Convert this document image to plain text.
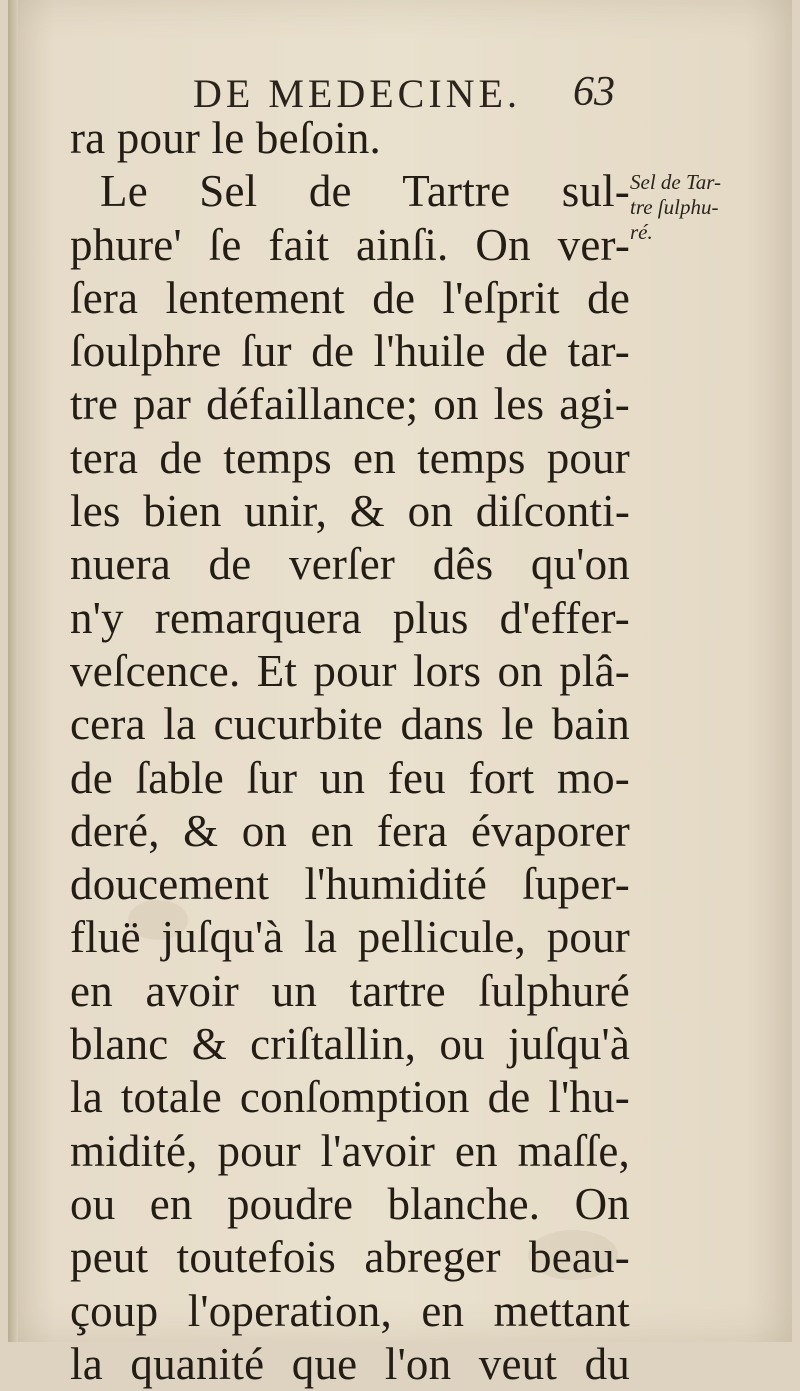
DE MEDECINE. 63
ra pour le beſoin.
Le Sel de Tartre sul-
phure' ſe fait ainſi. On ver-
ſera lentement de l'eſprit de
ſoulphre ſur de l'huile de tar-
tre par défaillance; on les agi-
tera de temps en temps pour
les bien unir, & on diſconti-
nuera de verſer dês qu'on
n'y remarquera plus d'effer-
veſcence. Et pour lors on plâ-
cera la cucurbite dans le bain
de ſable ſur un feu fort mo-
deré, & on en fera évaporer
doucement l'humidité ſuper-
fluë juſqu'à la pellicule, pour
en avoir un tartre ſulphuré
blanc & criſtallin, ou juſqu'à
la totale conſomption de l'hu-
midité, pour l'avoir en maſſe,
ou en poudre blanche. On
peut toutefois abreger beau-
çoup l'operation, en mettant
la quanité que l'on veut du
Sel de Tar-
tre ſulphu-
ré.
